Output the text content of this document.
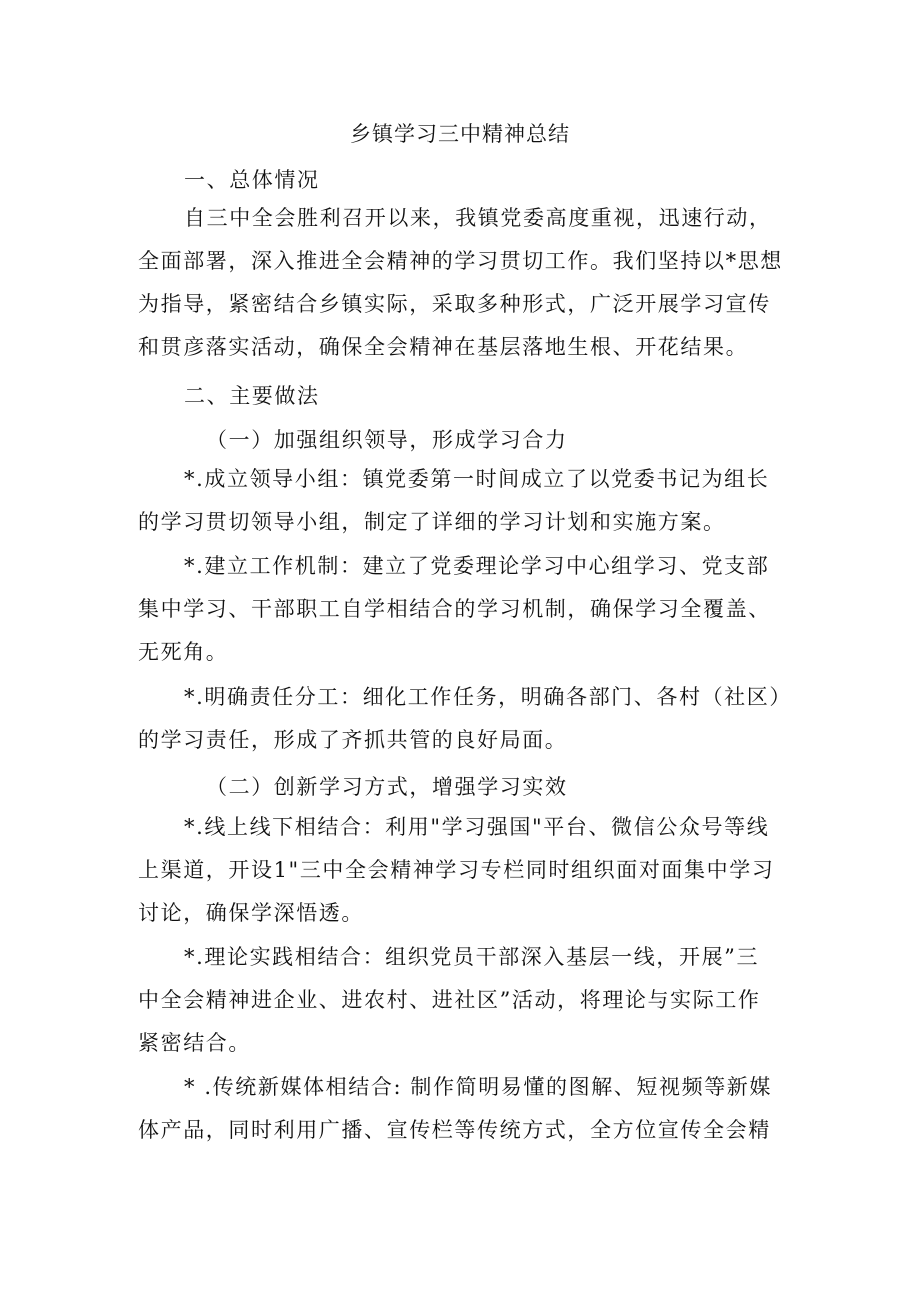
乡镇学习三中精神总结
一、总体情况
自三中全会胜利召开以来，我镇党委高度重视，迅速行动，
全面部署，深入推进全会精神的学习贯切工作。我们坚持以*思想
为指导，紧密结合乡镇实际，采取多种形式，广泛开展学习宣传
和贯彦落实活动，确保全会精神在基层落地生根、开花结果。
二、主要做法
（一）加强组织领导，形成学习合力
*.成立领导小组：镇党委第一时间成立了以党委书记为组长
的学习贯切领导小组，制定了详细的学习计划和实施方案。
*.建立工作机制：建立了党委理论学习中心组学习、党支部
集中学习、干部职工自学相结合的学习机制，确保学习全覆盖、
无死角。
*.明确责任分工：细化工作任务，明确各部门、各村（社区）
的学习责任，形成了齐抓共管的良好局面。
（二）创新学习方式，增强学习实效
*.线上线下相结合：利用"学习强国"平台、微信公众号等线
上渠道，开设1"三中全会精神学习专栏同时组织面对面集中学习
讨论，确保学深悟透。
*.理论实践相结合：组织党员干部深入基层一线，开展”三
中全会精神进企业、进农村、进社区”活动，将理论与实际工作
紧密结合。
* .传统新媒体相结合: 制作简明易懂的图解、短视频等新媒
体产品，同时利用广播、宣传栏等传统方式，全方位宣传全会精
